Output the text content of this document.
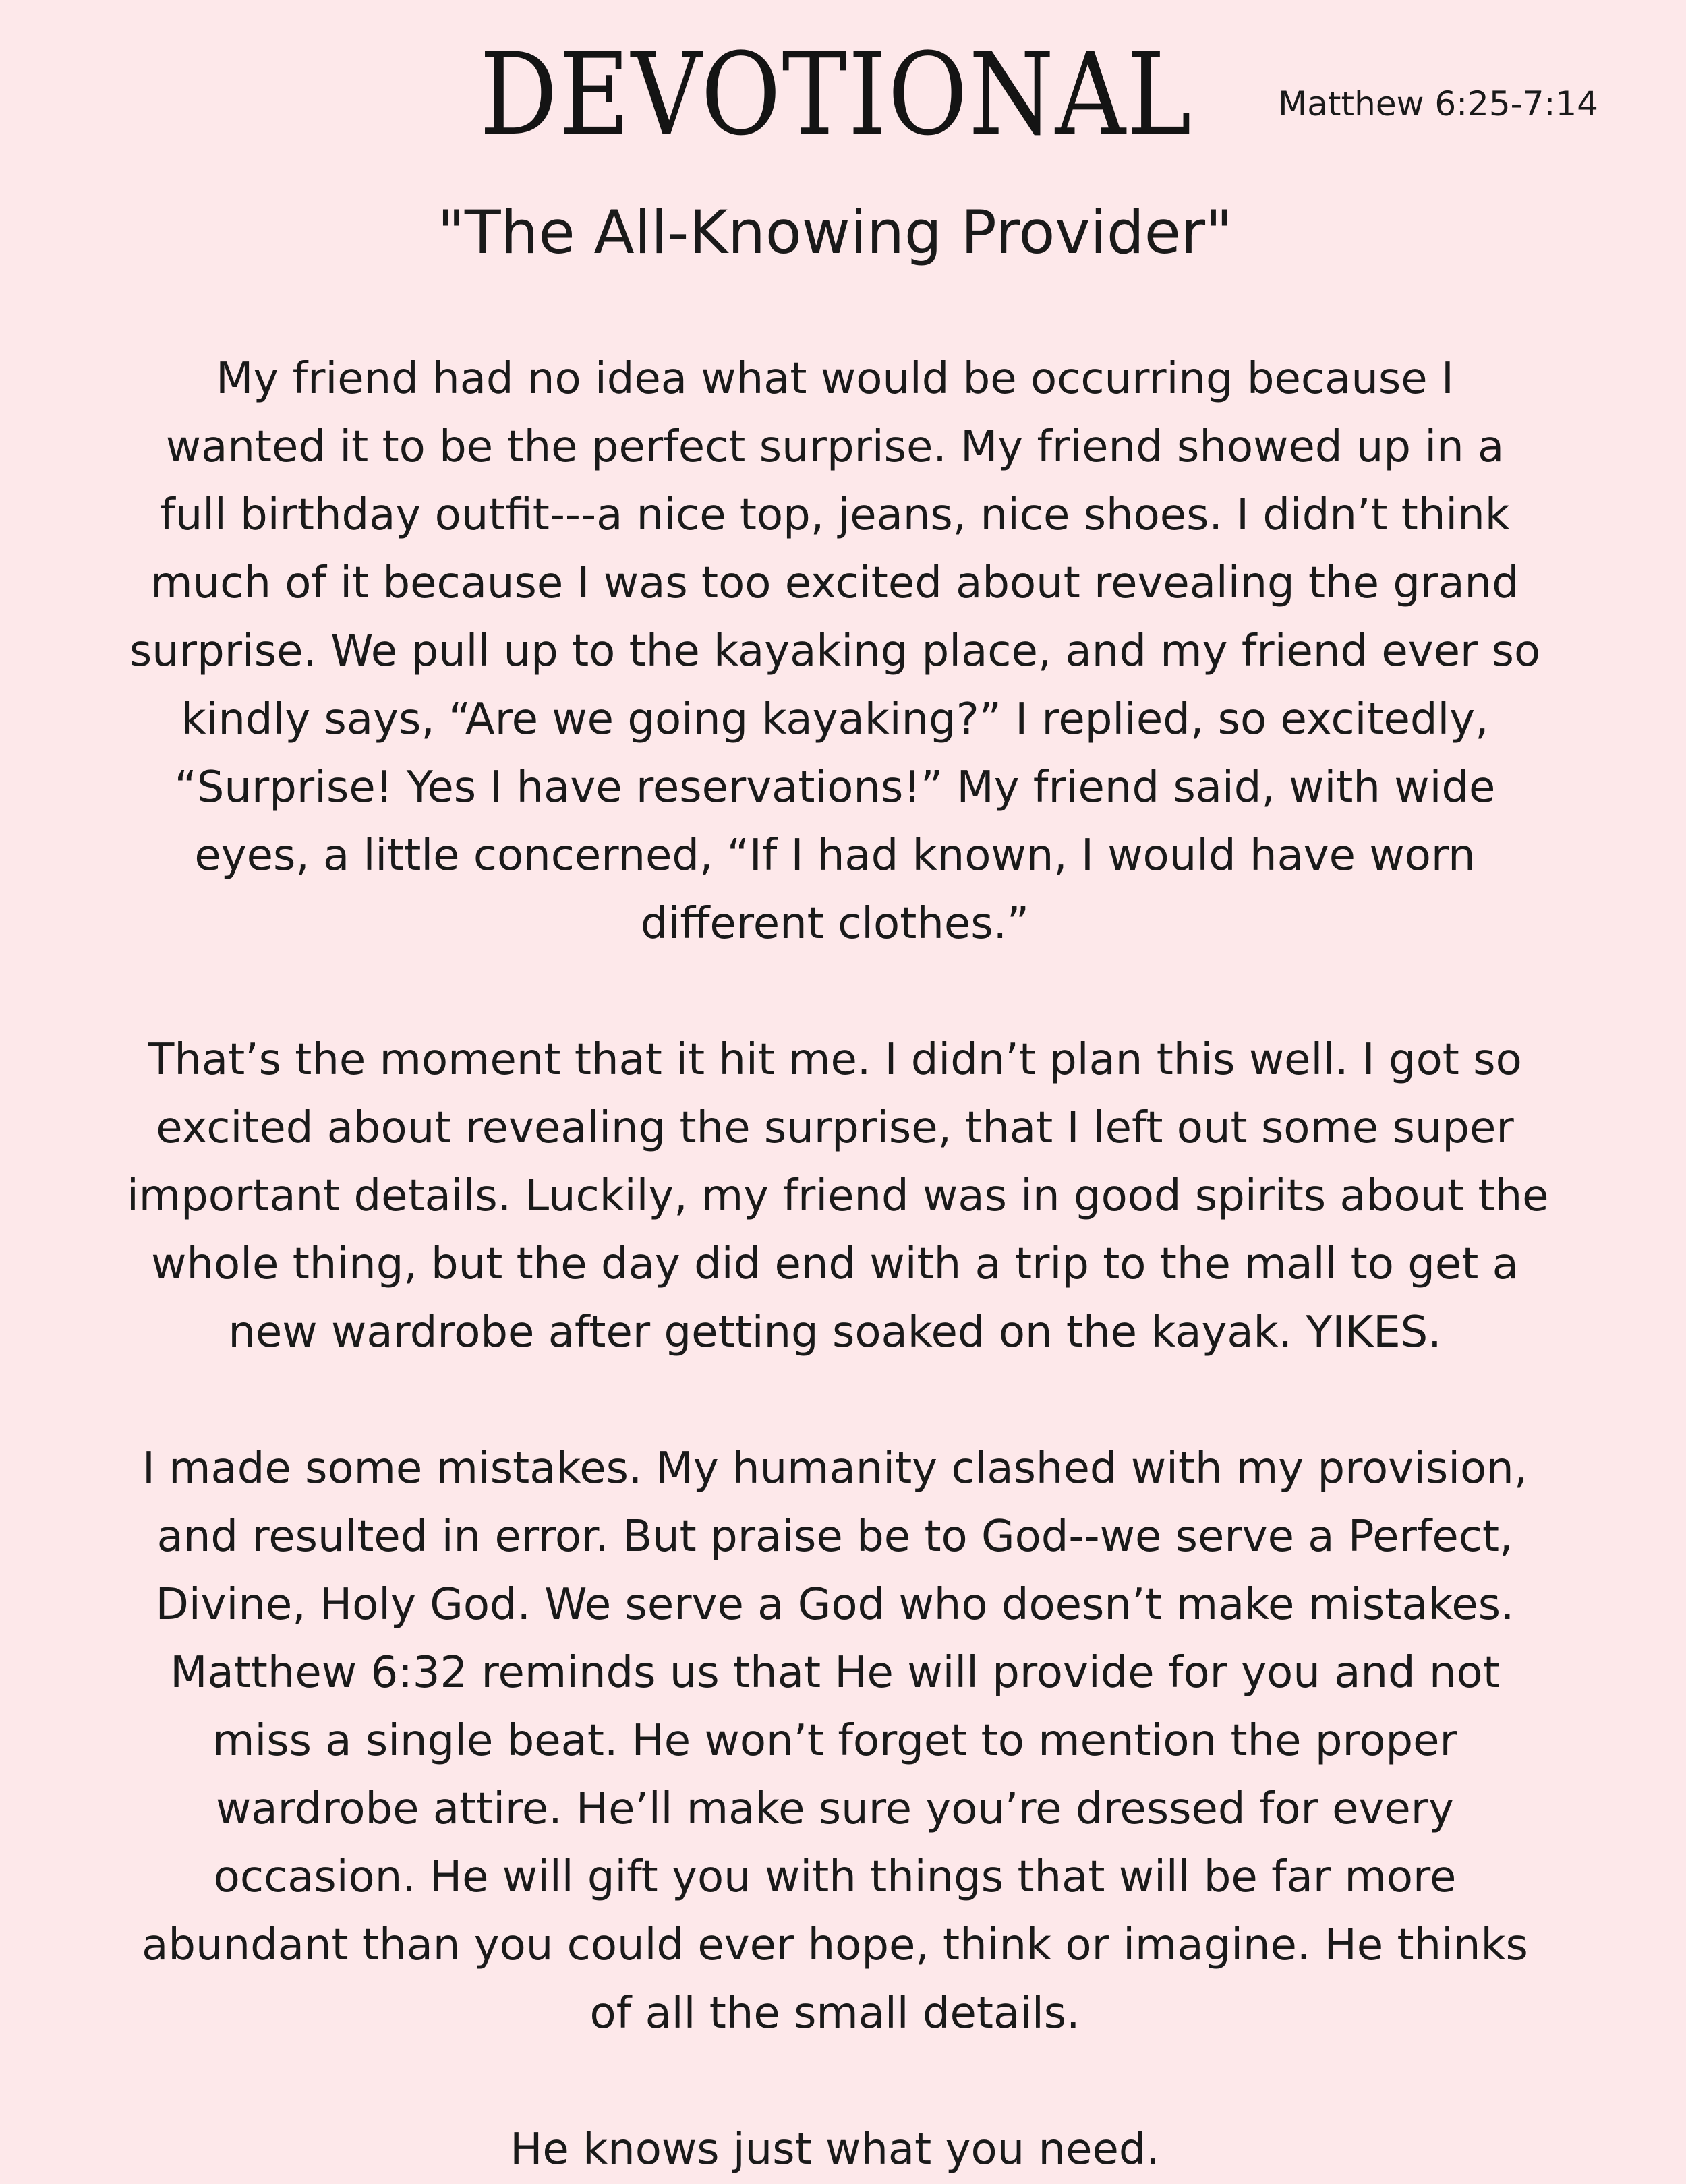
DEVOTIONAL	Matthew 6:25-7:14
"The All-Knowing Provider"
My friend had no idea what would be occurring because I
wanted it to be the perfect surprise. My friend showed up in a
full birthday outfit---a nice top, jeans, nice shoes. I didn’t think
much of it because I was too excited about revealing the grand
surprise. We pull up to the kayaking place, and my friend ever so
kindly says, “Are we going kayaking?” I replied, so excitedly,
“Surprise! Yes I have reservations!” My friend said, with wide
eyes, a little concerned, “If I had known, I would have worn
different clothes.”
That’s the moment that it hit me. I didn’t plan this well. I got so
excited about revealing the surprise, that I left out some super
important details. Luckily, my friend was in good spirits about the
whole thing, but the day did end with a trip to the mall to get a
new wardrobe after getting soaked on the kayak. YIKES.
I made some mistakes. My humanity clashed with my provision,
and resulted in error. But praise be to God--we serve a Perfect,
Divine, Holy God. We serve a God who doesn’t make mistakes.
Matthew 6:32 reminds us that He will provide for you and not
miss a single beat. He won’t forget to mention the proper
wardrobe attire. He’ll make sure you’re dressed for every
occasion. He will gift you with things that will be far more
abundant than you could ever hope, think or imagine. He thinks
of all the small details.
He knows just what you need.
